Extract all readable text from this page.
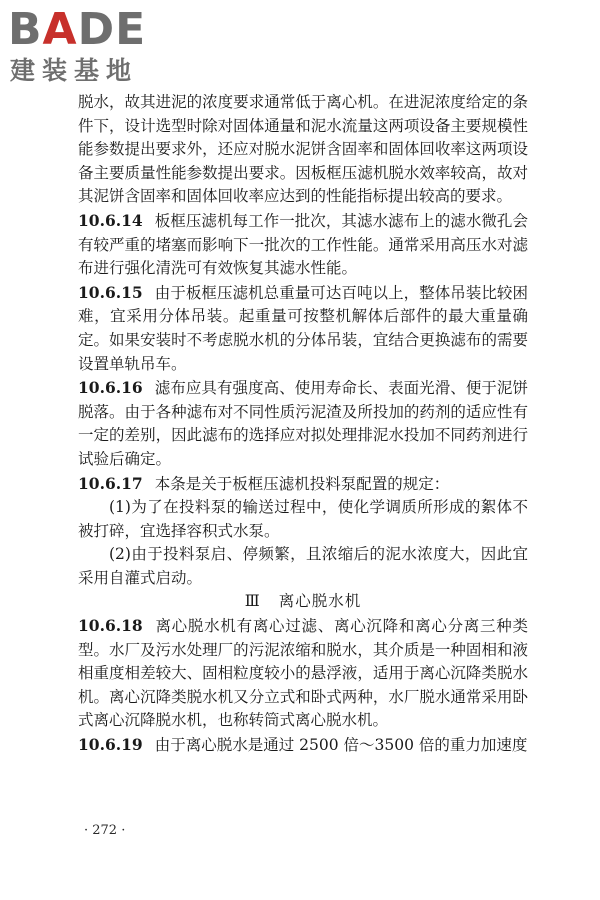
BADE
建装基地

脱水，故其进泥的浓度要求通常低于离心机。在进泥浓度给定的条件下，设计选型时除对固体通量和泥水流量这两项设备主要规模性能参数提出要求外，还应对脱水泥饼含固率和固体回收率这两项设备主要质量性能参数提出要求。因板框压滤机脱水效率较高，故对其泥饼含固率和固体回收率应达到的性能指标提出较高的要求。

10.6.14 板框压滤机每工作一批次，其滤水滤布上的滤水微孔会有较严重的堵塞而影响下一批次的工作性能。通常采用高压水对滤布进行强化清洗可有效恢复其滤水性能。

10.6.15 由于板框压滤机总重量可达百吨以上，整体吊装比较困难，宜采用分体吊装。起重量可按整机解体后部件的最大重量确定。如果安装时不考虑脱水机的分体吊装，宜结合更换滤布的需要设置单轨吊车。

10.6.16 滤布应具有强度高、使用寿命长、表面光滑、便于泥饼脱落。由于各种滤布对不同性质污泥渣及所投加的药剂的适应性有一定的差别，因此滤布的选择应对拟处理排泥水投加不同药剂进行试验后确定。

10.6.17 本条是关于板框压滤机投料泵配置的规定：

(1)为了在投料泵的输送过程中，使化学调质所形成的絮体不被打碎，宜选择容积式水泵。

(2)由于投料泵启、停频繁，且浓缩后的泥水浓度大，因此宜采用自灌式启动。

Ⅲ 离心脱水机

10.6.18 离心脱水机有离心过滤、离心沉降和离心分离三种类型。水厂及污水处理厂的污泥浓缩和脱水，其介质是一种固相和液相重度相差较大、固相粒度较小的悬浮液，适用于离心沉降类脱水机。离心沉降类脱水机又分立式和卧式两种，水厂脱水通常采用卧式离心沉降脱水机，也称转筒式离心脱水机。

10.6.19 由于离心脱水是通过 2500 倍～3500 倍的重力加速度

· 272 ·
